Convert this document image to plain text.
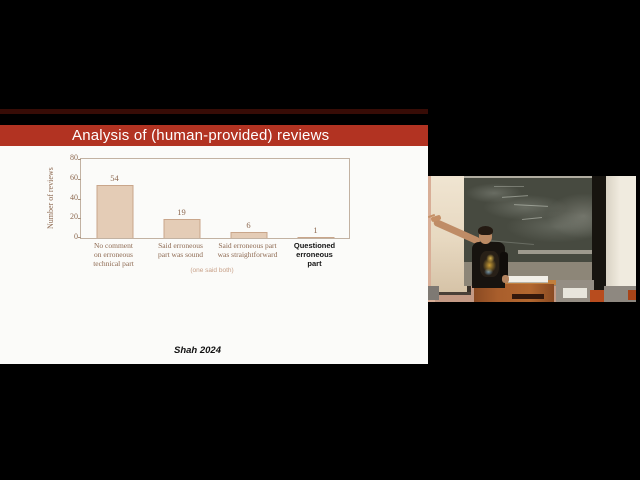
Analysis of (human-provided) reviews
Number of reviews	54
19
6	1
0
20
40
60
80
No comment
on erroneous
technical part
Said erroneous
part was sound
Said erroneous part
was straightforward
Questioned
erroneous
part
(one said both)
Shah 2024
